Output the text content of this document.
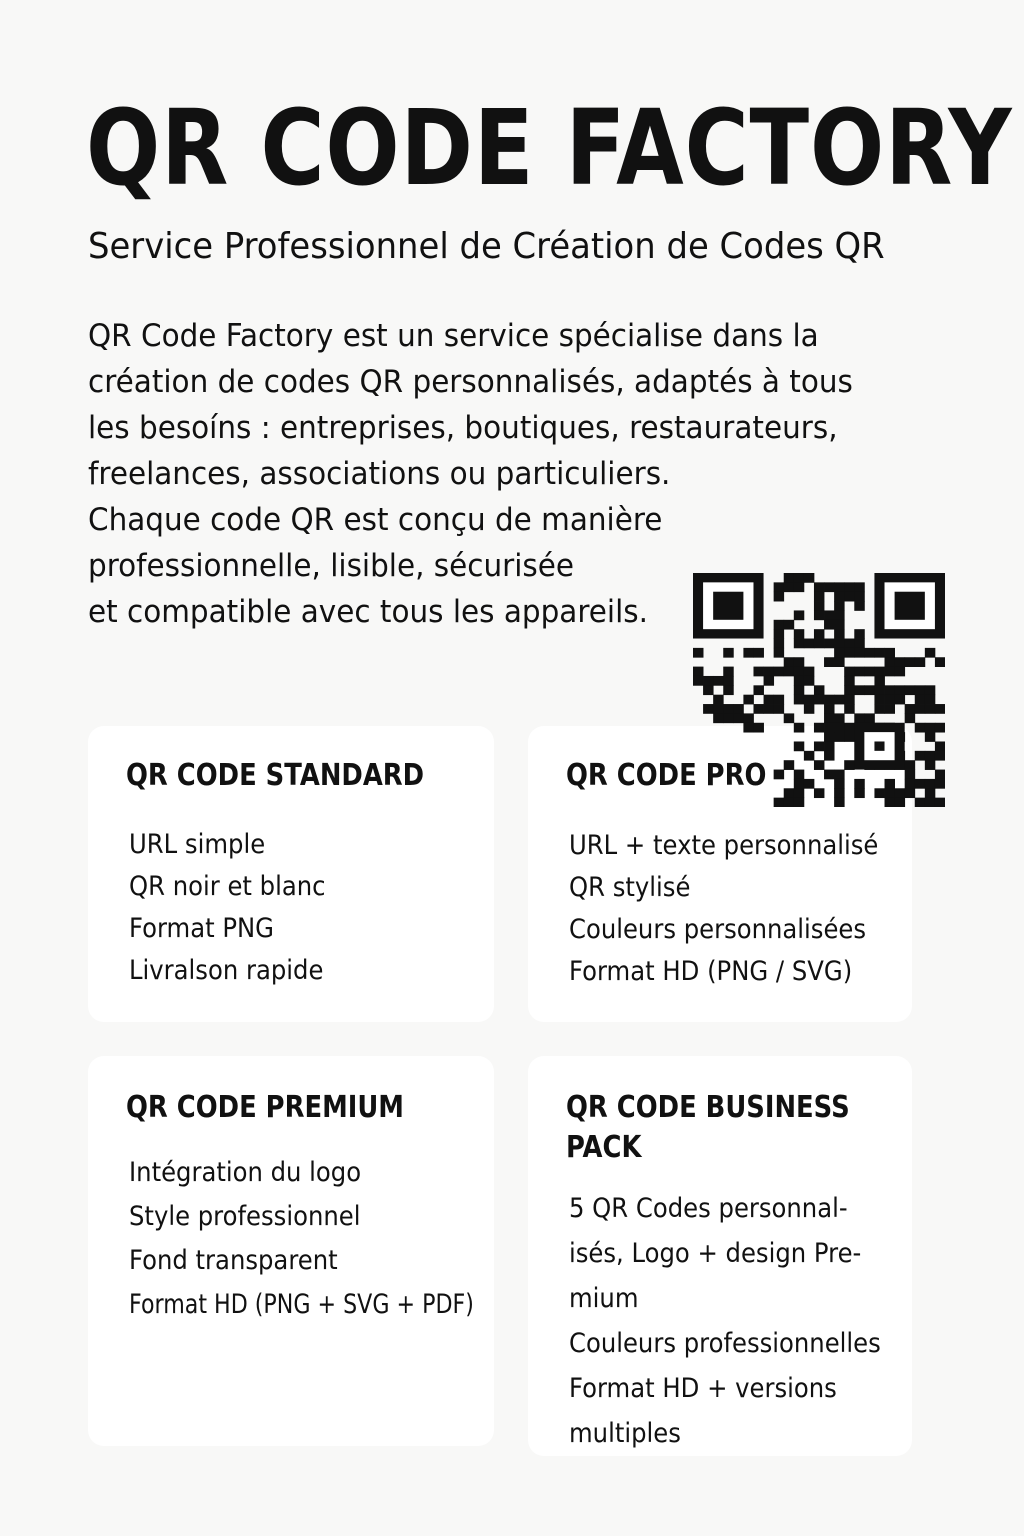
QR CODE FACTORY
Service Professionnel de Création de Codes QR
QR Code Factory est un service spécialise dans la
création de codes QR personnalisés, adaptés à tous
les besoíns : entreprises, boutiques, restaurateurs,
freelances, associations ou particuliers.
Chaque code QR est conçu de manière
professionnelle, lisible, sécurisée
et compatible avec tous les appareils.
QR CODE STANDARD
URL simple
QR noir et blanc
Format PNG
Livralson rapide
QR CODE PRO
URL + texte personnalisé
QR stylisé
Couleurs personnalisées
Format HD (PNG / SVG)
QR CODE PREMIUM
Intégration du logo
Style professionnel
Fond transparent
Format HD (PNG + SVG + PDF)
QR CODE BUSINESS
PACK
5 QR Codes personnal-
isés, Logo + design Pre-
mium
Couleurs professionnelles
Format HD + versions
multiples
